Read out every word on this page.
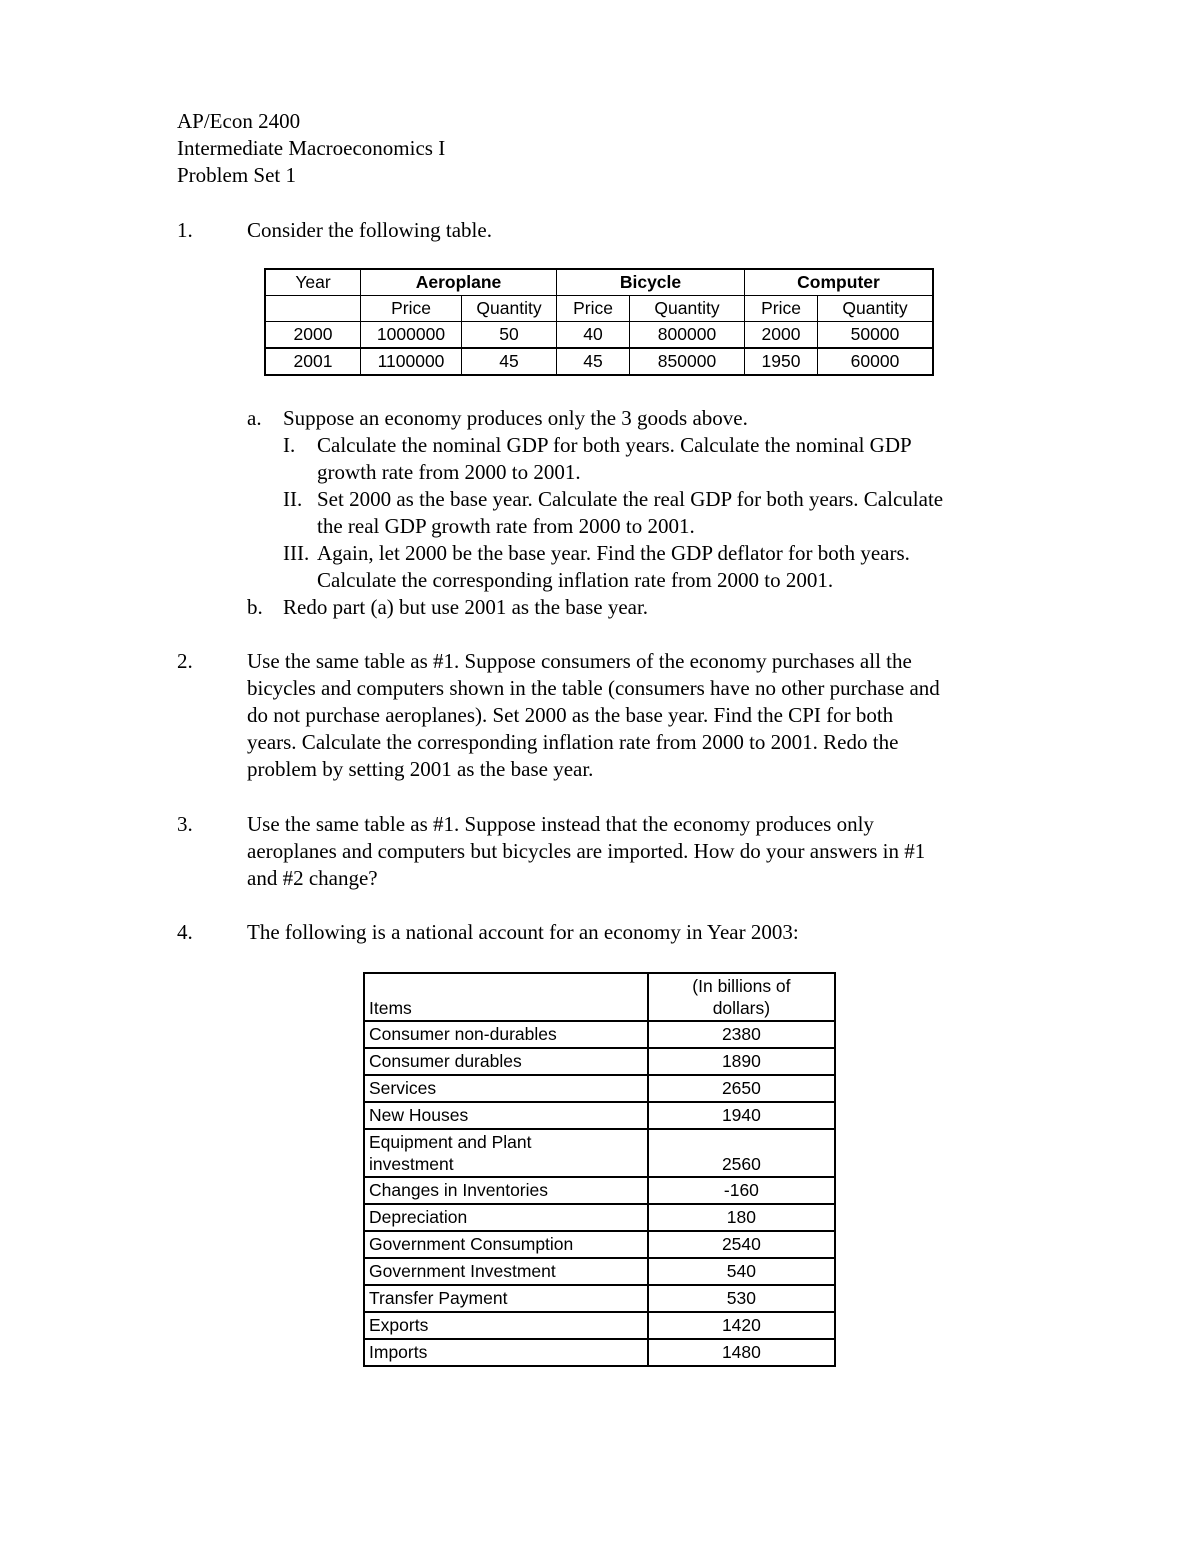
AP/Econ 2400
Intermediate Macroeconomics I
Problem Set 1
1.	Consider the following table.
Year	Aeroplane		Bicycle		Computer	
	Price	Quantity	Price	Quantity	Price	Quantity
2000	1000000	50	40	800000	2000	50000
2001	1100000	45	45	850000	1950	60000
a. Suppose an economy produces only the 3 goods above.
I. Calculate the nominal GDP for both years. Calculate the nominal GDP
growth rate from 2000 to 2001.
II. Set 2000 as the base year. Calculate the real GDP for both years. Calculate
the real GDP growth rate from 2000 to 2001.
III. Again, let 2000 be the base year. Find the GDP deflator for both years.
Calculate the corresponding inflation rate from 2000 to 2001.
b. Redo part (a) but use 2001 as the base year.
2.	Use the same table as #1. Suppose consumers of the economy purchases all the

bicycles and computers shown in the table (consumers have no other purchase and

do not purchase aeroplanes). Set 2000 as the base year. Find the CPI for both

years. Calculate the corresponding inflation rate from 2000 to 2001. Redo the

problem by setting 2001 as the base year.

3.	Use the same table as #1. Suppose instead that the economy produces only

aeroplanes and computers but bicycles are imported. How do your answers in #1

and #2 change?

4.	The following is a national account for an economy in Year 2003:
Items	(In billions of
dollars)

Consumer non-durables	2380
Consumer durables	1890
Services	2650
New Houses	1940

Equipment and Plant
investment	2560
Changes in Inventories	-160
Depreciation	180
Government Consumption	2540
Government Investment	540
Transfer Payment	530
Exports	1420
Imports	1480
